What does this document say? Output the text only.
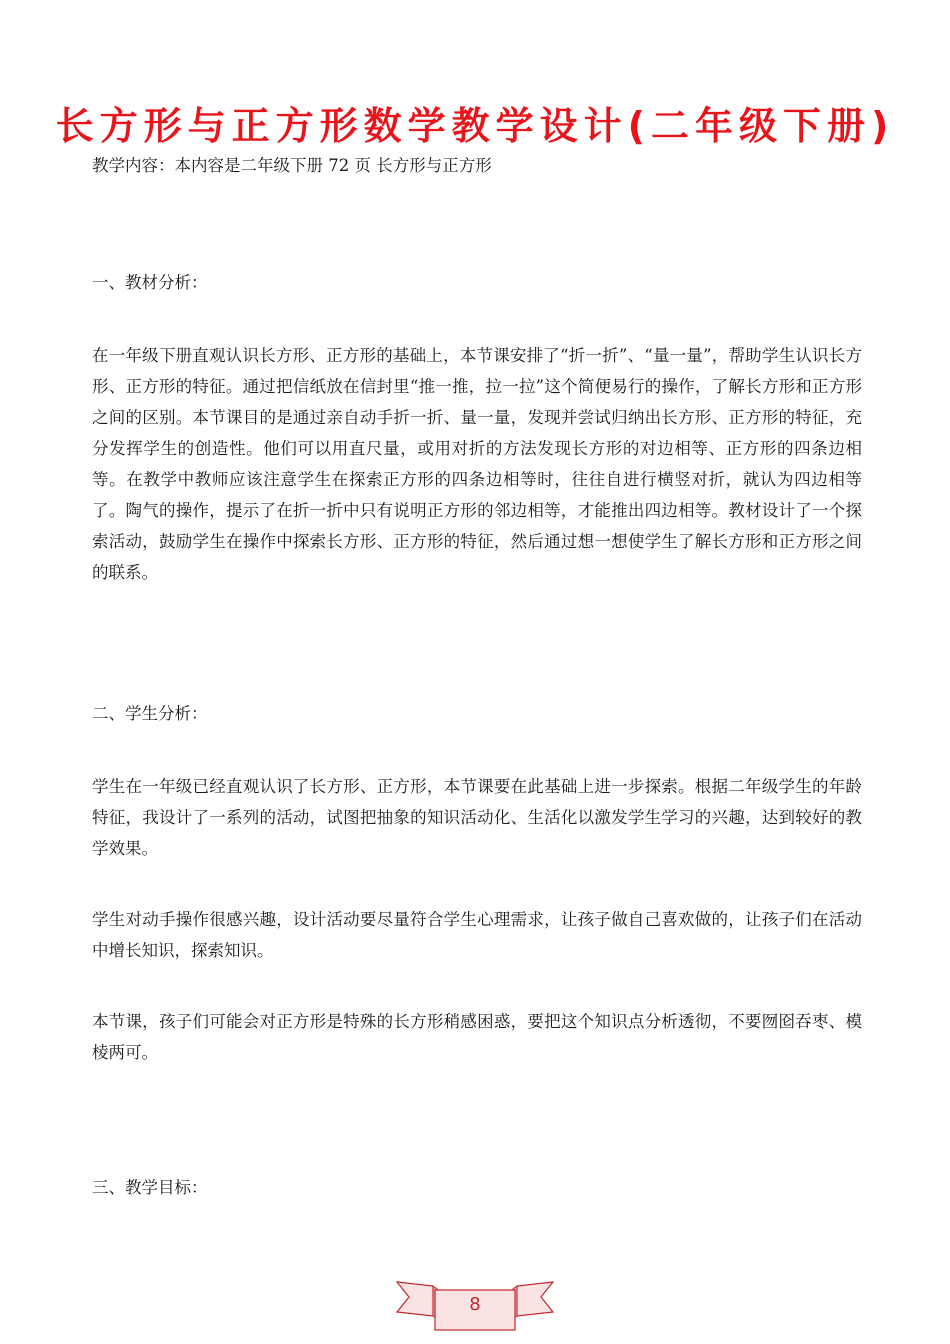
长方形与正方形数学教学设计(二年级下册)

教学内容：本内容是二年级下册 72 页 长方形与正方形

一、教材分析：

在一年级下册直观认识长方形、正方形的基础上，本节课安排了“折一折”、“量一量”，帮助学生认识长方形、正方形的特征。通过把信纸放在信封里“推一推，拉一拉”这个简便易行的操作，了解长方形和正方形之间的区别。本节课目的是通过亲自动手折一折、量一量，发现并尝试归纳出长方形、正方形的特征，充分发挥学生的创造性。他们可以用直尺量，或用对折的方法发现长方形的对边相等、正方形的四条边相等。在教学中教师应该注意学生在探索正方形的四条边相等时，往往自进行横竖对折，就认为四边相等了。陶气的操作，提示了在折一折中只有说明正方形的邻边相等，才能推出四边相等。教材设计了一个探索活动，鼓励学生在操作中探索长方形、正方形的特征，然后通过想一想使学生了解长方形和正方形之间的联系。

二、学生分析：

学生在一年级已经直观认识了长方形、正方形，本节课要在此基础上进一步探索。根据二年级学生的年龄特征，我设计了一系列的活动，试图把抽象的知识活动化、生活化以激发学生学习的兴趣，达到较好的教学效果。

学生对动手操作很感兴趣，设计活动要尽量符合学生心理需求，让孩子做自己喜欢做的，让孩子们在活动中增长知识，探索知识。

本节课，孩子们可能会对正方形是特殊的长方形稍感困惑，要把这个知识点分析透彻，不要囫囵吞枣、模棱两可。

三、教学目标：

8
